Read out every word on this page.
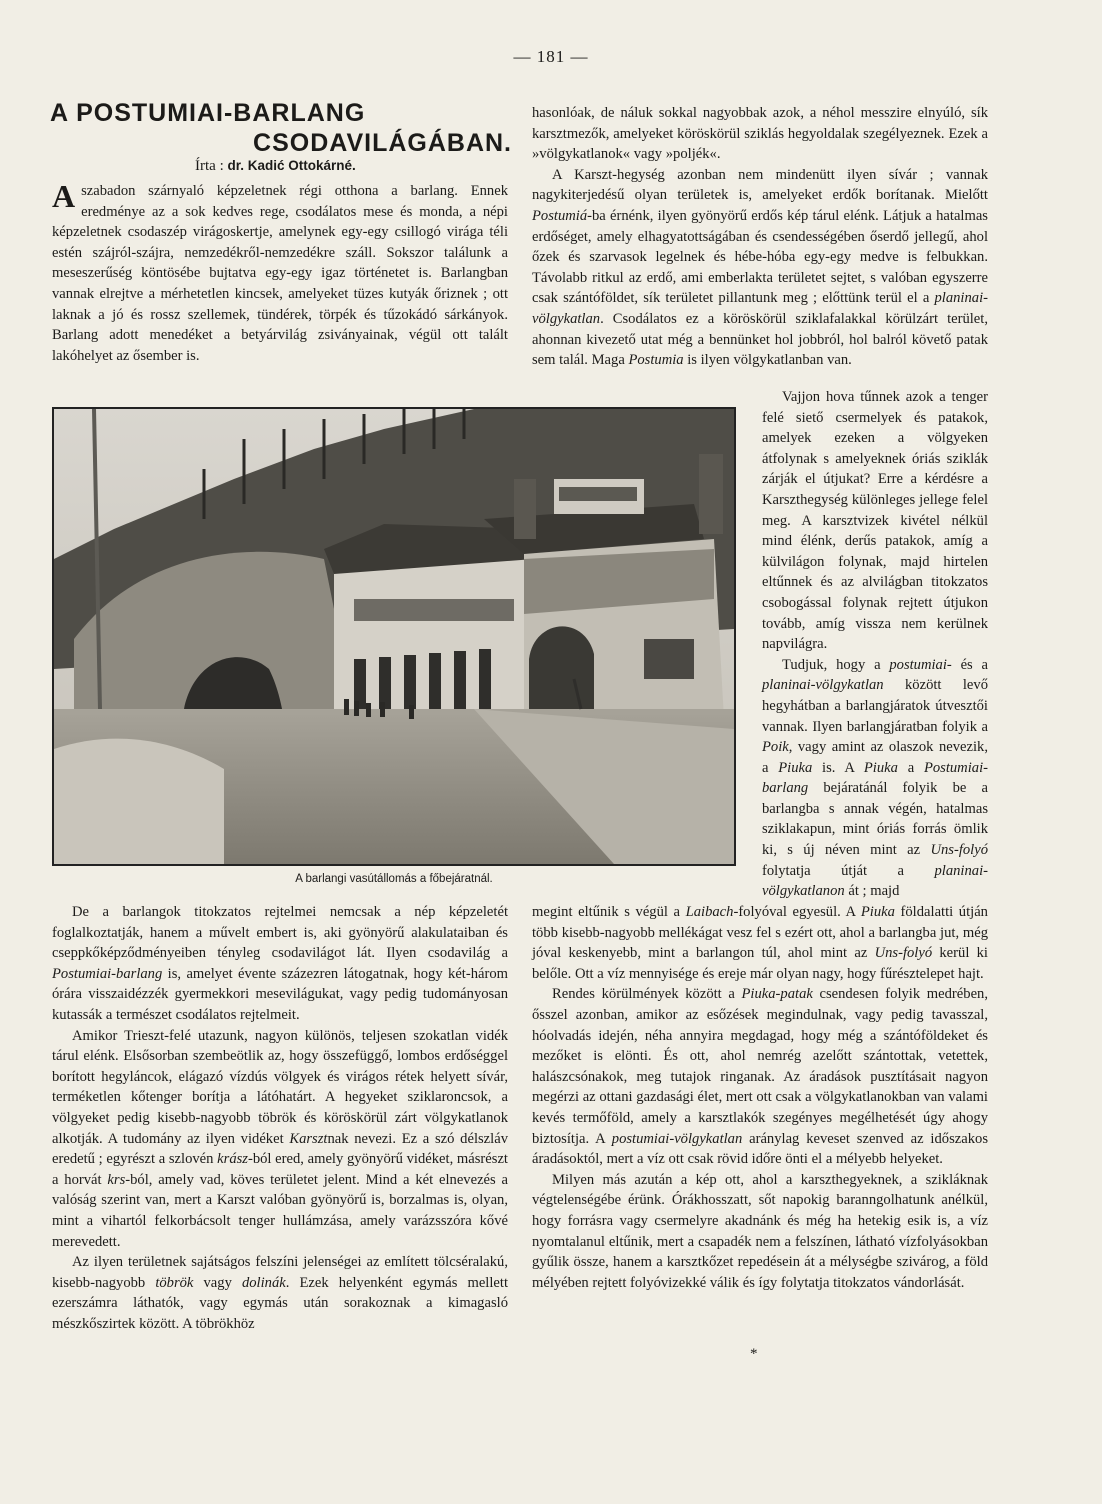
— 181 —
A POSTUMIAI-BARLANG
CSODAVILÁGÁBAN.
Írta : dr. Kadić Ottokárné.

A szabadon szárnyaló képzeletnek régi otthona a barlang. Ennek eredménye az a sok kedves rege, csodálatos mese és monda, a népi képzeletnek csodaszép virágoskertje, amelynek egy-egy csillogó virága téli estén szájról-szájra, nemzedékről-nemzedékre száll. Sokszor találunk a meseszerűség köntösébe bujtatva egy-egy igaz történetet is. Barlangban vannak elrejtve a mérhetetlen kincsek, amelyeket tüzes kutyák őriznek ; ott laknak a jó és rossz szellemek, tündérek, törpék és tűzokádó sárkányok. Barlang adott menedéket a betyárvilág zsiványainak, végül ott talált lakóhelyet az ősember is.

A barlangi vasútállomás a főbejáratnál.

hasonlóak, de náluk sokkal nagyobbak azok, a néhol messzire elnyúló, sík karsztmezők, amelyeket köröskörül sziklás hegyoldalak szegélyeznek. Ezek a »völgykatlanok« vagy »poljék«.

A Karszt-hegység azonban nem mindenütt ilyen sívár ; vannak nagykiterjedésű olyan területek is, amelyeket erdők borítanak. Mielőtt Postumiá-ba érnénk, ilyen gyönyörű erdős kép tárul elénk. Látjuk a hatalmas erdőséget, amely elhagyatottságában és csendességében őserdő jellegű, ahol őzek és szarvasok legelnek és hébe-hóba egy-egy medve is felbukkan. Távolabb ritkul az erdő, ami emberlakta területet sejtet, s valóban egyszerre csak szántóföldet, sík területet pillantunk meg ; előttünk terül el a planinai-völgykatlan. Csodálatos ez a köröskörül sziklafalakkal körülzárt terület, ahonnan kivezető utat még a bennünket hol jobbról, hol balról követő patak sem talál. Maga Postumia is ilyen völgykatlanban van.

Vajjon hova tűnnek azok a tenger felé siető csermelyek és patakok, amelyek ezeken a völgyeken átfolynak s amelyeknek óriás sziklák zárják el útjukat? Erre a kérdésre a Karszthegység különleges jellege felel meg. A karsztvizek kivétel nélkül mind élénk, derűs patakok, amíg a külvilágon folynak, majd hirtelen eltűnnek és az alvilágban titokzatos csobogással folynak rejtett útjukon tovább, amíg vissza nem kerülnek napvilágra.

Tudjuk, hogy a postumiai- és a planinai-völgykatlan között levő hegyhátban a barlangjáratok útvesztői vannak. Ilyen barlangjáratban folyik a Poik, vagy amint az olaszok nevezik, a Piuka is. A Piuka a Postumiai-barlang bejáratánál folyik be a barlangba s annak végén, hatalmas sziklakapun, mint óriás forrás ömlik ki, s új néven mint az Uns-folyó folytatja útját a planinai-völgykatlanon át ; majd

megint eltűnik s végül a Laibach-folyóval egyesül. A Piuka földalatti útján több kisebb-nagyobb mellékágat vesz fel s ezért ott, ahol a barlangba jut, még jóval keskenyebb, mint a barlangon túl, ahol mint az Uns-folyó kerül ki belőle. Ott a víz mennyisége és ereje már olyan nagy, hogy fűrésztelepet hajt.

Rendes körülmények között a Piuka-patak csendesen folyik medrében, ősszel azonban, amikor az esőzések megindulnak, vagy pedig tavasszal, hóolvadás idején, néha annyira megdagad, hogy még a szántóföldeket és mezőket is elönti. És ott, ahol nemrég azelőtt szántottak, vetettek, halászcsónakok, meg tutajok ringanak. Az áradások pusztításait nagyon megérzi az ottani gazdasági élet, mert ott csak a völgykatlanokban van valami kevés termőföld, amely a karsztlakók szegényes megélhetését úgy ahogy biztosítja. A postumiai-völgykatlan aránylag keveset szenved az időszakos áradásoktól, mert a víz ott csak rövid időre önti el a mélyebb helyeket.

Milyen más azután a kép ott, ahol a karszthegyeknek, a szikláknak végtelenségébe érünk. Órákhosszatt, sőt napokig baranngolhatunk anélkül, hogy forrásra vagy csermelyre akadnánk és még ha hetekig esik is, a víz nyomtalanul eltűnik, mert a csapadék nem a felszínen, látható vízfolyásokban gyűlik össze, hanem a karsztkőzet repedésein át a mélységbe szivárog, a föld mélyében rejtett folyóvizekké válik és így folytatja titokzatos vándorlását.

De a barlangok titokzatos rejtelmei nemcsak a nép képzeletét foglalkoztatják, hanem a művelt embert is, aki gyönyörű alakulataiban és cseppkőképződményeiben tényleg csodavilágot lát. Ilyen csodavilág a Postumiai-barlang is, amelyet évente százezren látogatnak, hogy két-három órára visszaidézzék gyermekkori mesevilágukat, vagy pedig tudományosan kutassák a természet csodálatos rejtelmeit.

Amikor Trieszt-felé utazunk, nagyon különös, teljesen szokatlan vidék tárul elénk. Elsősorban szembeötlik az, hogy összefüggő, lombos erdőséggel borított hegyláncok, elágazó vízdús völgyek és virágos rétek helyett sívár, terméketlen kőtenger borítja a látóhatárt. A hegyeket sziklaroncsok, a völgyeket pedig kisebb-nagyobb töbrök és köröskörül zárt völgykatlanok alkotják. A tudomány az ilyen vidéket Karsztnak nevezi. Ez a szó délszláv eredetű ; egyrészt a szlovén krász-ból ered, amely gyönyörű vidéket, másrészt a horvát krs-ból, amely vad, köves területet jelent. Mind a két elnevezés a valóság szerint van, mert a Karszt valóban gyönyörű is, borzalmas is, olyan, mint a vihartól felkorbácsolt tenger hullámzása, amely varázsszóra kővé merevedett.

Az ilyen területnek sajátságos felszíni jelenségei az említett tölcséralakú, kisebb-nagyobb töbrök vagy dolinák. Ezek helyenként egymás mellett ezerszámra láthatók, vagy egymás után sorakoznak a kimagasló mészkőszirtek között. A töbrökhöz

*
